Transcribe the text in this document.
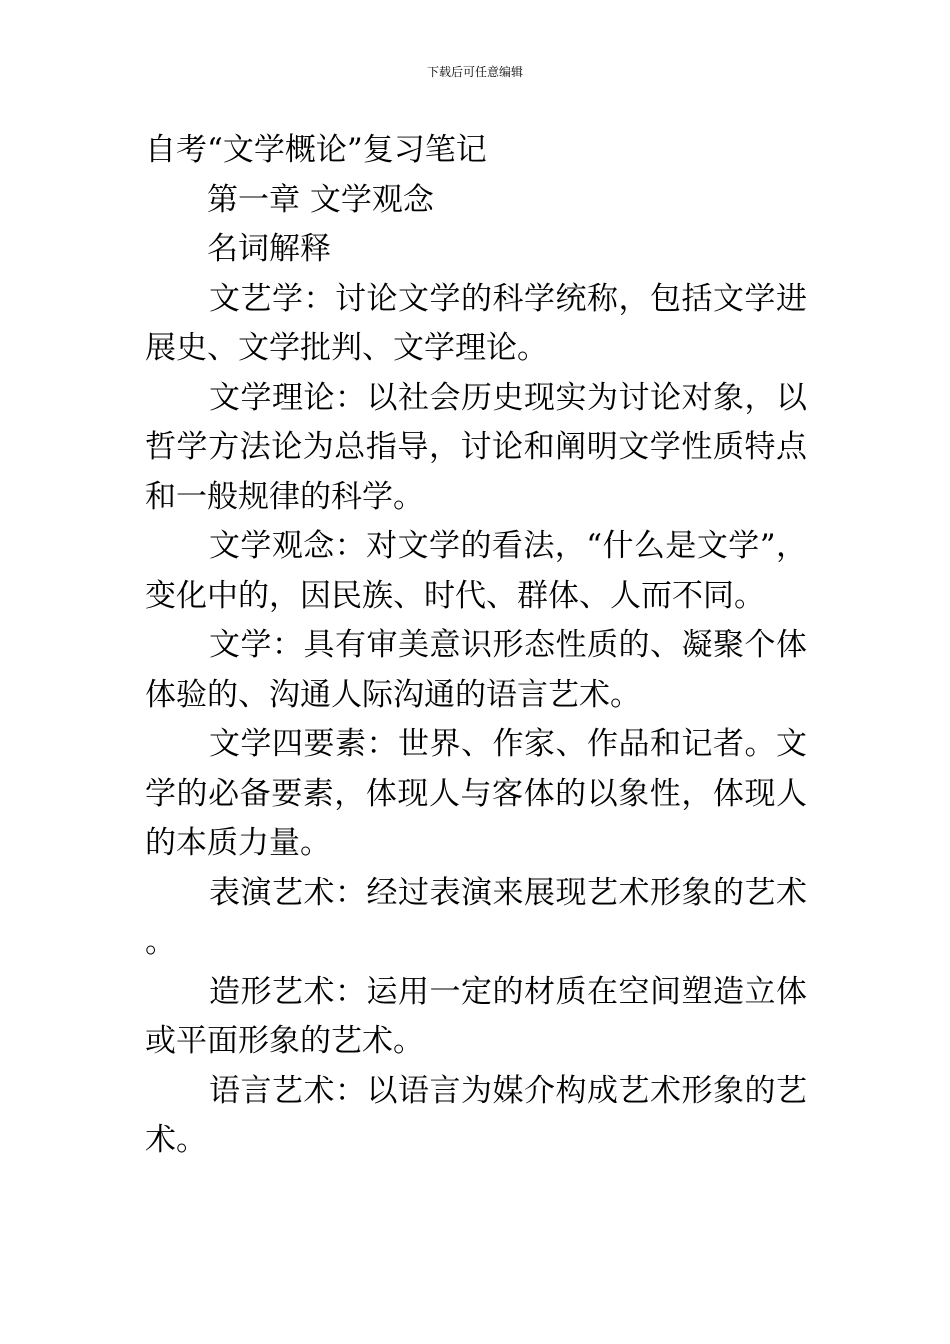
下载后可任意编辑
自考“文学概论”复习笔记
第一章 文学观念
名词解释

文艺学：讨论文学的科学统称，包括文学进展史、文学批判、文学理论。

文学理论：以社会历史现实为讨论对象，以哲学方法论为总指导，讨论和阐明文学性质特点和一般规律的科学。

文学观念：对文学的看法，“什么是文学”，变化中的，因民族、时代、群体、人而不同。

文学：具有审美意识形态性质的、凝聚个体体验的、沟通人际沟通的语言艺术。

文学四要素：世界、作家、作品和记者。文学的必备要素，体现人与客体的以象性，体现人的本质力量。

表演艺术：经过表演来展现艺术形象的艺术。

造形艺术：运用一定的材质在空间塑造立体或平面形象的艺术。

语言艺术：以语言为媒介构成艺术形象的艺术。
